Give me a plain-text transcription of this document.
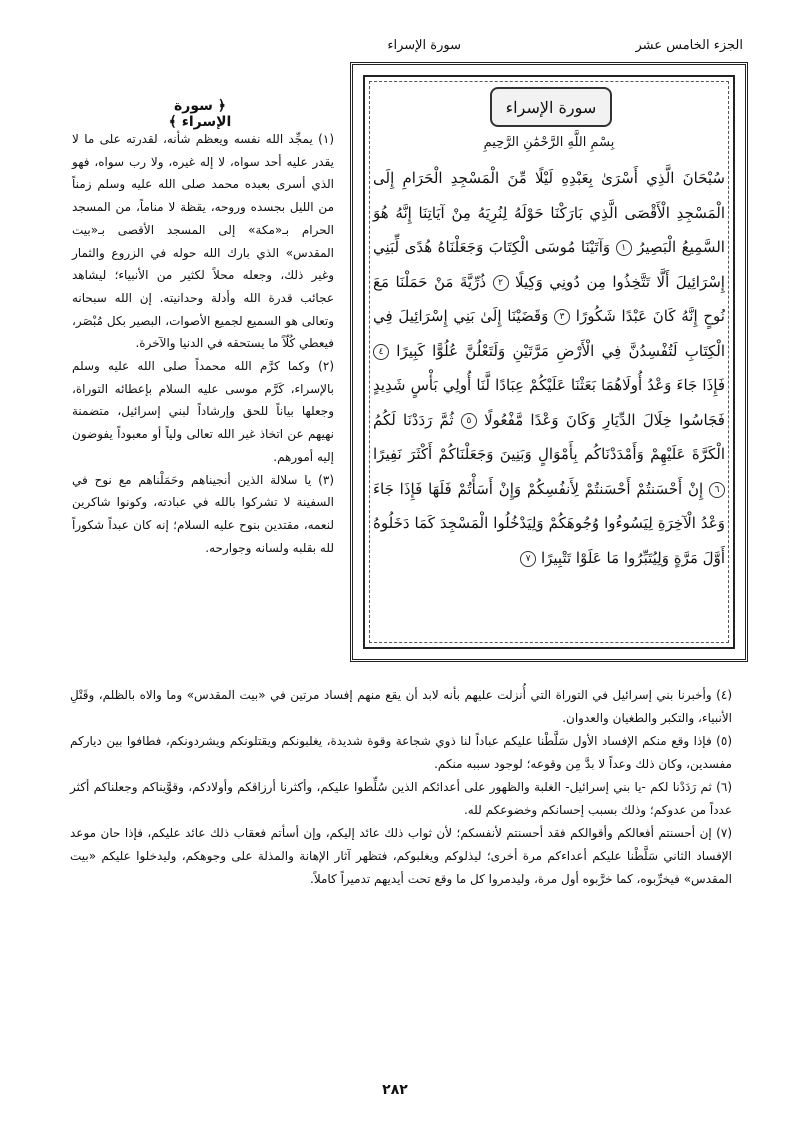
الجزء الخامس عشر
سورة الإسراء
سورة الإسراء
بِسْمِ اللَّهِ الرَّحْمَٰنِ الرَّحِيمِ
سُبْحَانَ الَّذِي أَسْرَىٰ بِعَبْدِهِ لَيْلًا مِّنَ الْمَسْجِدِ الْحَرَامِ إِلَى الْمَسْجِدِ الْأَقْصَى الَّذِي بَارَكْنَا حَوْلَهُ لِنُرِيَهُ مِنْ آيَاتِنَا إِنَّهُ هُوَ السَّمِيعُ الْبَصِيرُ ١ وَآتَيْنَا مُوسَى الْكِتَابَ وَجَعَلْنَاهُ هُدًى لِّبَنِي إِسْرَائِيلَ أَلَّا تَتَّخِذُوا مِن دُونِي وَكِيلًا ٢ ذُرِّيَّةَ مَنْ حَمَلْنَا مَعَ نُوحٍ إِنَّهُ كَانَ عَبْدًا شَكُورًا ٣ وَقَضَيْنَا إِلَىٰ بَنِي إِسْرَائِيلَ فِي الْكِتَابِ لَتُفْسِدُنَّ فِي الْأَرْضِ مَرَّتَيْنِ وَلَتَعْلُنَّ عُلُوًّا كَبِيرًا ٤ فَإِذَا جَاءَ وَعْدُ أُولَاهُمَا بَعَثْنَا عَلَيْكُمْ عِبَادًا لَّنَا أُولِي بَأْسٍ شَدِيدٍ فَجَاسُوا خِلَالَ الدِّيَارِ وَكَانَ وَعْدًا مَّفْعُولًا ٥ ثُمَّ رَدَدْنَا لَكُمُ الْكَرَّةَ عَلَيْهِمْ وَأَمْدَدْنَاكُم بِأَمْوَالٍ وَبَنِينَ وَجَعَلْنَاكُمْ أَكْثَرَ نَفِيرًا ٦ إِنْ أَحْسَنتُمْ أَحْسَنتُمْ لِأَنفُسِكُمْ وَإِنْ أَسَأْتُمْ فَلَهَا فَإِذَا جَاءَ وَعْدُ الْآخِرَةِ لِيَسُوءُوا وُجُوهَكُمْ وَلِيَدْخُلُوا الْمَسْجِدَ كَمَا دَخَلُوهُ أَوَّلَ مَرَّةٍ وَلِيُتَبِّرُوا مَا عَلَوْا تَتْبِيرًا ٧
﴿ سورة الإسراء ﴾

(١) يمجِّد الله نفسه ويعظم شأنه، لقدرته على ما لا يقدر عليه أحد سواه، لا إله غيره، ولا رب سواه، فهو الذي أسرى بعبده محمد صلى الله عليه وسلم زمناً من الليل بجسده وروحه، يقظة لا مناماً، من المسجد الحرام بـ«مكة» إلى المسجد الأقصى بـ«بيت المقدس» الذي بارك الله حوله في الزروع والثمار وغير ذلك، وجعله محلاً لكثير من الأنبياء؛ ليشاهد عجائب قدرة الله وأدلة وحدانيته. إن الله سبحانه وتعالى هو السميع لجميع الأصوات، البصير بكل مُبْصَر، فيعطي كُلّاً ما يستحقه في الدنيا والآخرة.

(٢) وكما كرَّم الله محمداً صلى الله عليه وسلم بالإسراء، كَرَّم موسى عليه السلام بإعطائه التوراة، وجعلها بياناً للحق وإرشاداً لبني إسرائيل، متضمنة نهيهم عن اتخاذ غير الله تعالى ولياً أو معبوداً يفوضون إليه أمورهم.

(٣) يا سلالة الذين أنجيناهم وحَمَلْناهم مع نوح في السفينة لا تشركوا بالله في عبادته، وكونوا شاكرين لنعمه، مقتدين بنوح عليه السلام؛ إنه كان عبداً شكوراً لله بقلبه ولسانه وجوارحه.

(٤) وأخبرنا بني إسرائيل في التوراة التي أُنزلت عليهم بأنه لابد أن يقع منهم إفساد مرتين في «بيت المقدس» وما والاه بالظلم، وقَتْلِ الأنبياء، والتكبر والطغيان والعدوان.

(٥) فإذا وقع منكم الإفساد الأول سَلَّطْنا عليكم عباداً لنا ذوي شجاعة وقوة شديدة، يغلبونكم ويقتلونكم ويشردونكم، فطافوا بين دياركم مفسدين، وكان ذلك وعداً لا بدَّ مِن وقوعه؛ لوجود سببه منكم.

(٦) ثم رَدَدْنا لكم -يا بني إسرائيل- الغلبة والظهور على أعدائكم الذين سُلِّطوا عليكم، وأكثرنا أرزاقكم وأولادكم، وقوَّيناكم وجعلناكم أكثر عدداً من عدوكم؛ وذلك بسبب إحسانكم وخضوعكم لله.

(٧) إن أحسنتم أفعالكم وأقوالكم فقد أحسنتم لأنفسكم؛ لأن ثواب ذلك عائد إليكم، وإن أسأتم فعقاب ذلك عائد عليكم، فإذا حان موعد الإفساد الثاني سَلَّطْنا عليكم أعداءكم مرة أخرى؛ ليذلوكم ويغلبوكم، فتظهر آثار الإهانة والمذلة على وجوهكم، وليدخلوا عليكم «بيت المقدس» فيخرِّبوه، كما خرَّبوه أول مرة، وليدمروا كل ما وقع تحت أيديهم تدميراً كاملاً.

٢٨٢
